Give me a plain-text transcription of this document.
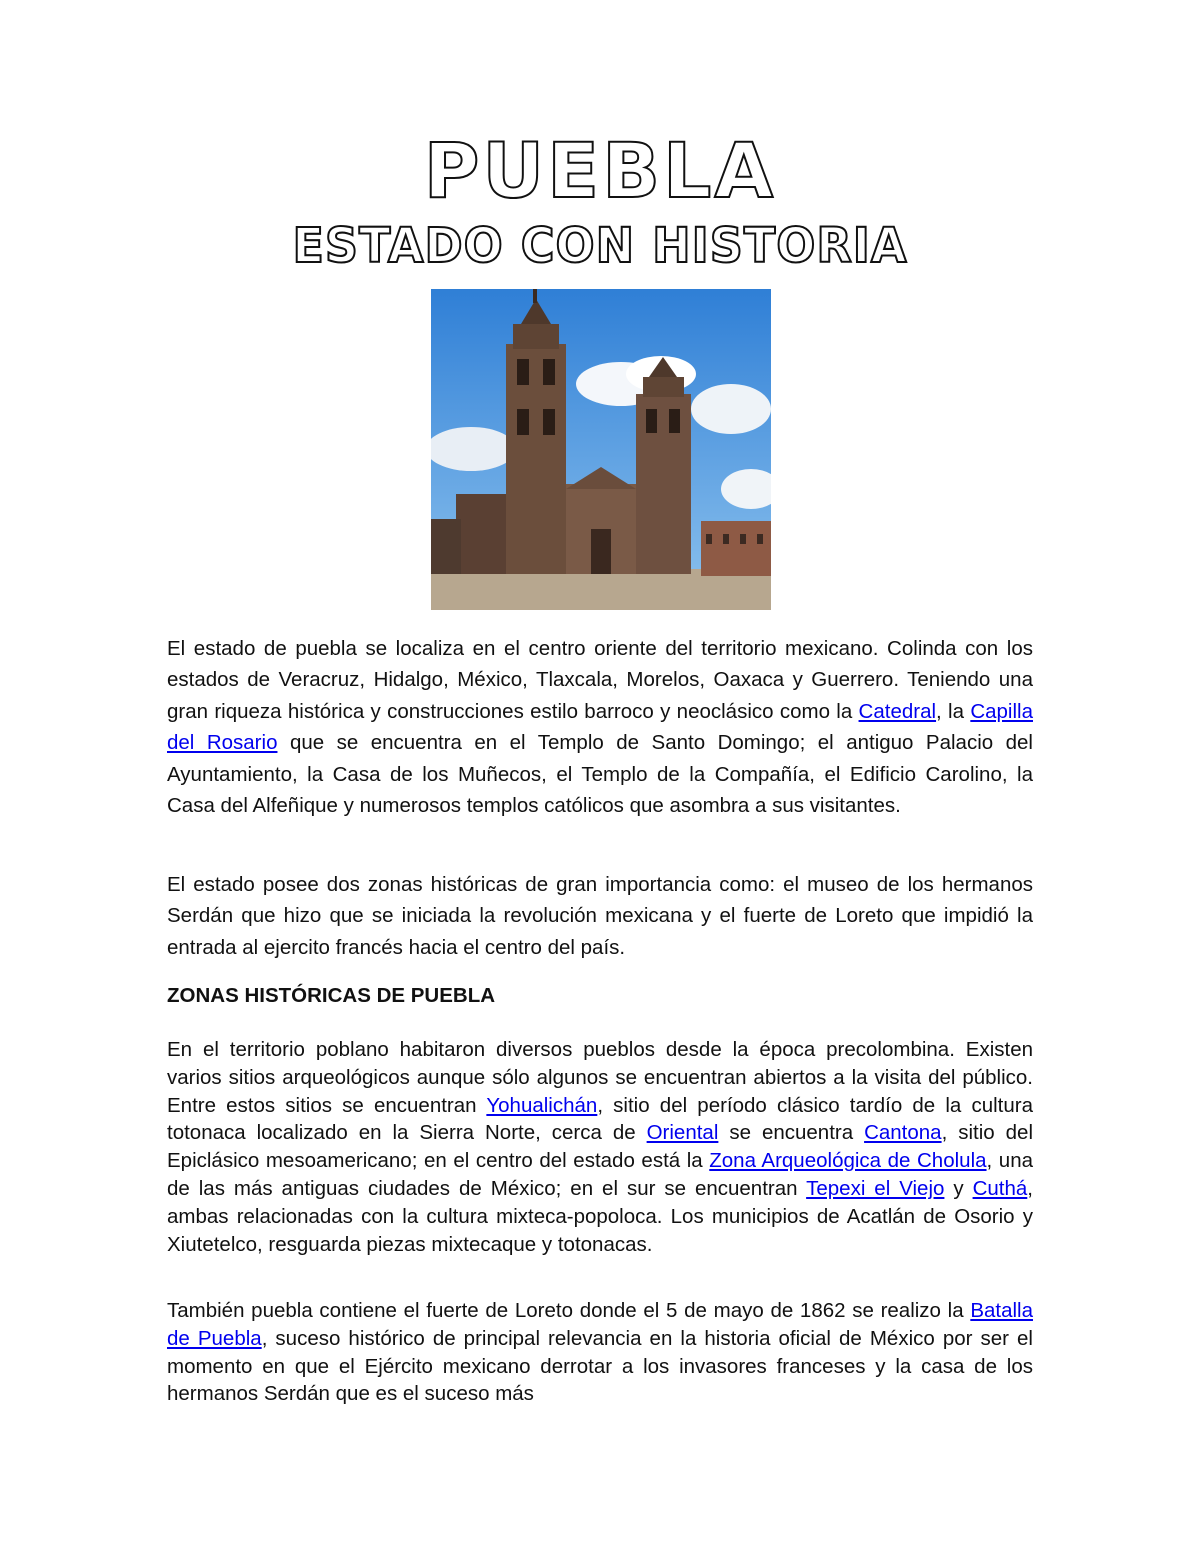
PUEBLA
ESTADO CON HISTORIA
El estado de puebla se localiza en el centro oriente del territorio mexicano. Colinda con los estados de Veracruz, Hidalgo, México, Tlaxcala, Morelos, Oaxaca y Guerrero. Teniendo una gran riqueza histórica y construcciones estilo barroco y neoclásico como la Catedral, la Capilla del Rosario que se encuentra en el Templo de Santo Domingo; el antiguo Palacio del Ayuntamiento, la Casa de los Muñecos, el Templo de la Compañía, el Edificio Carolino, la Casa del Alfeñique y numerosos templos católicos que asombra a sus visitantes.
El estado posee dos zonas históricas de gran importancia como: el museo de los hermanos Serdán que hizo que se iniciada la revolución mexicana y el fuerte de Loreto que impidió la entrada al ejercito francés hacia el centro del país.
ZONAS HISTÓRICAS DE PUEBLA
En el territorio poblano habitaron diversos pueblos desde la época precolombina. Existen varios sitios arqueológicos aunque sólo algunos se encuentran abiertos a la visita del público. Entre estos sitios se encuentran Yohualichán, sitio del período clásico tardío de la cultura totonaca localizado en la Sierra Norte, cerca de Oriental se encuentra Cantona, sitio del Epiclásico mesoamericano; en el centro del estado está la Zona Arqueológica de Cholula, una de las más antiguas ciudades de México; en el sur se encuentran Tepexi el Viejo y Cuthá, ambas relacionadas con la cultura mixteca-popoloca. Los municipios de Acatlán de Osorio y Xiutetelco, resguarda piezas mixtecaque y totonacas.
También puebla contiene el fuerte de Loreto donde el 5 de mayo de 1862 se realizo la Batalla de Puebla, suceso histórico de principal relevancia en la historia oficial de México por ser el momento en que el Ejército mexicano derrotar a los invasores franceses y la casa de los hermanos Serdán que es el suceso más
